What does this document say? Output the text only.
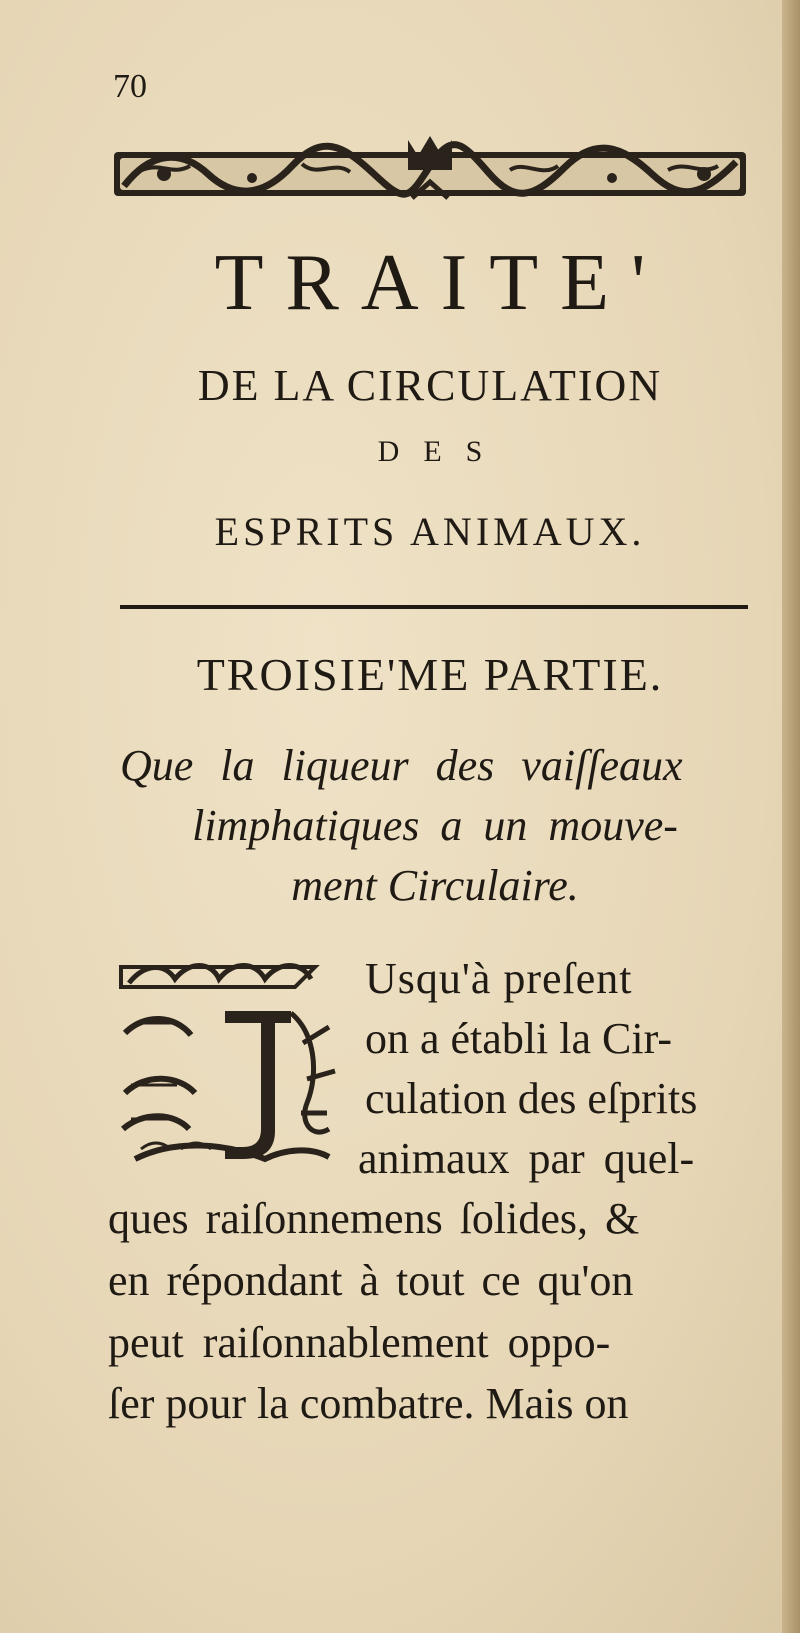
70
TRAITE'
DE LA CIRCULATION
DES
ESPRITS ANIMAUX.
TROISIE'ME PARTIE.
Que la liqueur des vaiſſeaux
limphatiques a un mouve-
ment Circulaire.
Usqu'à preſent
on a établi la Cir-
culation des eſprits
animaux par quel-
ques raiſonnemens ſolides, &
en répondant à tout ce qu'on
peut raiſonnablement oppo-
ſer pour la combatre. Mais on
